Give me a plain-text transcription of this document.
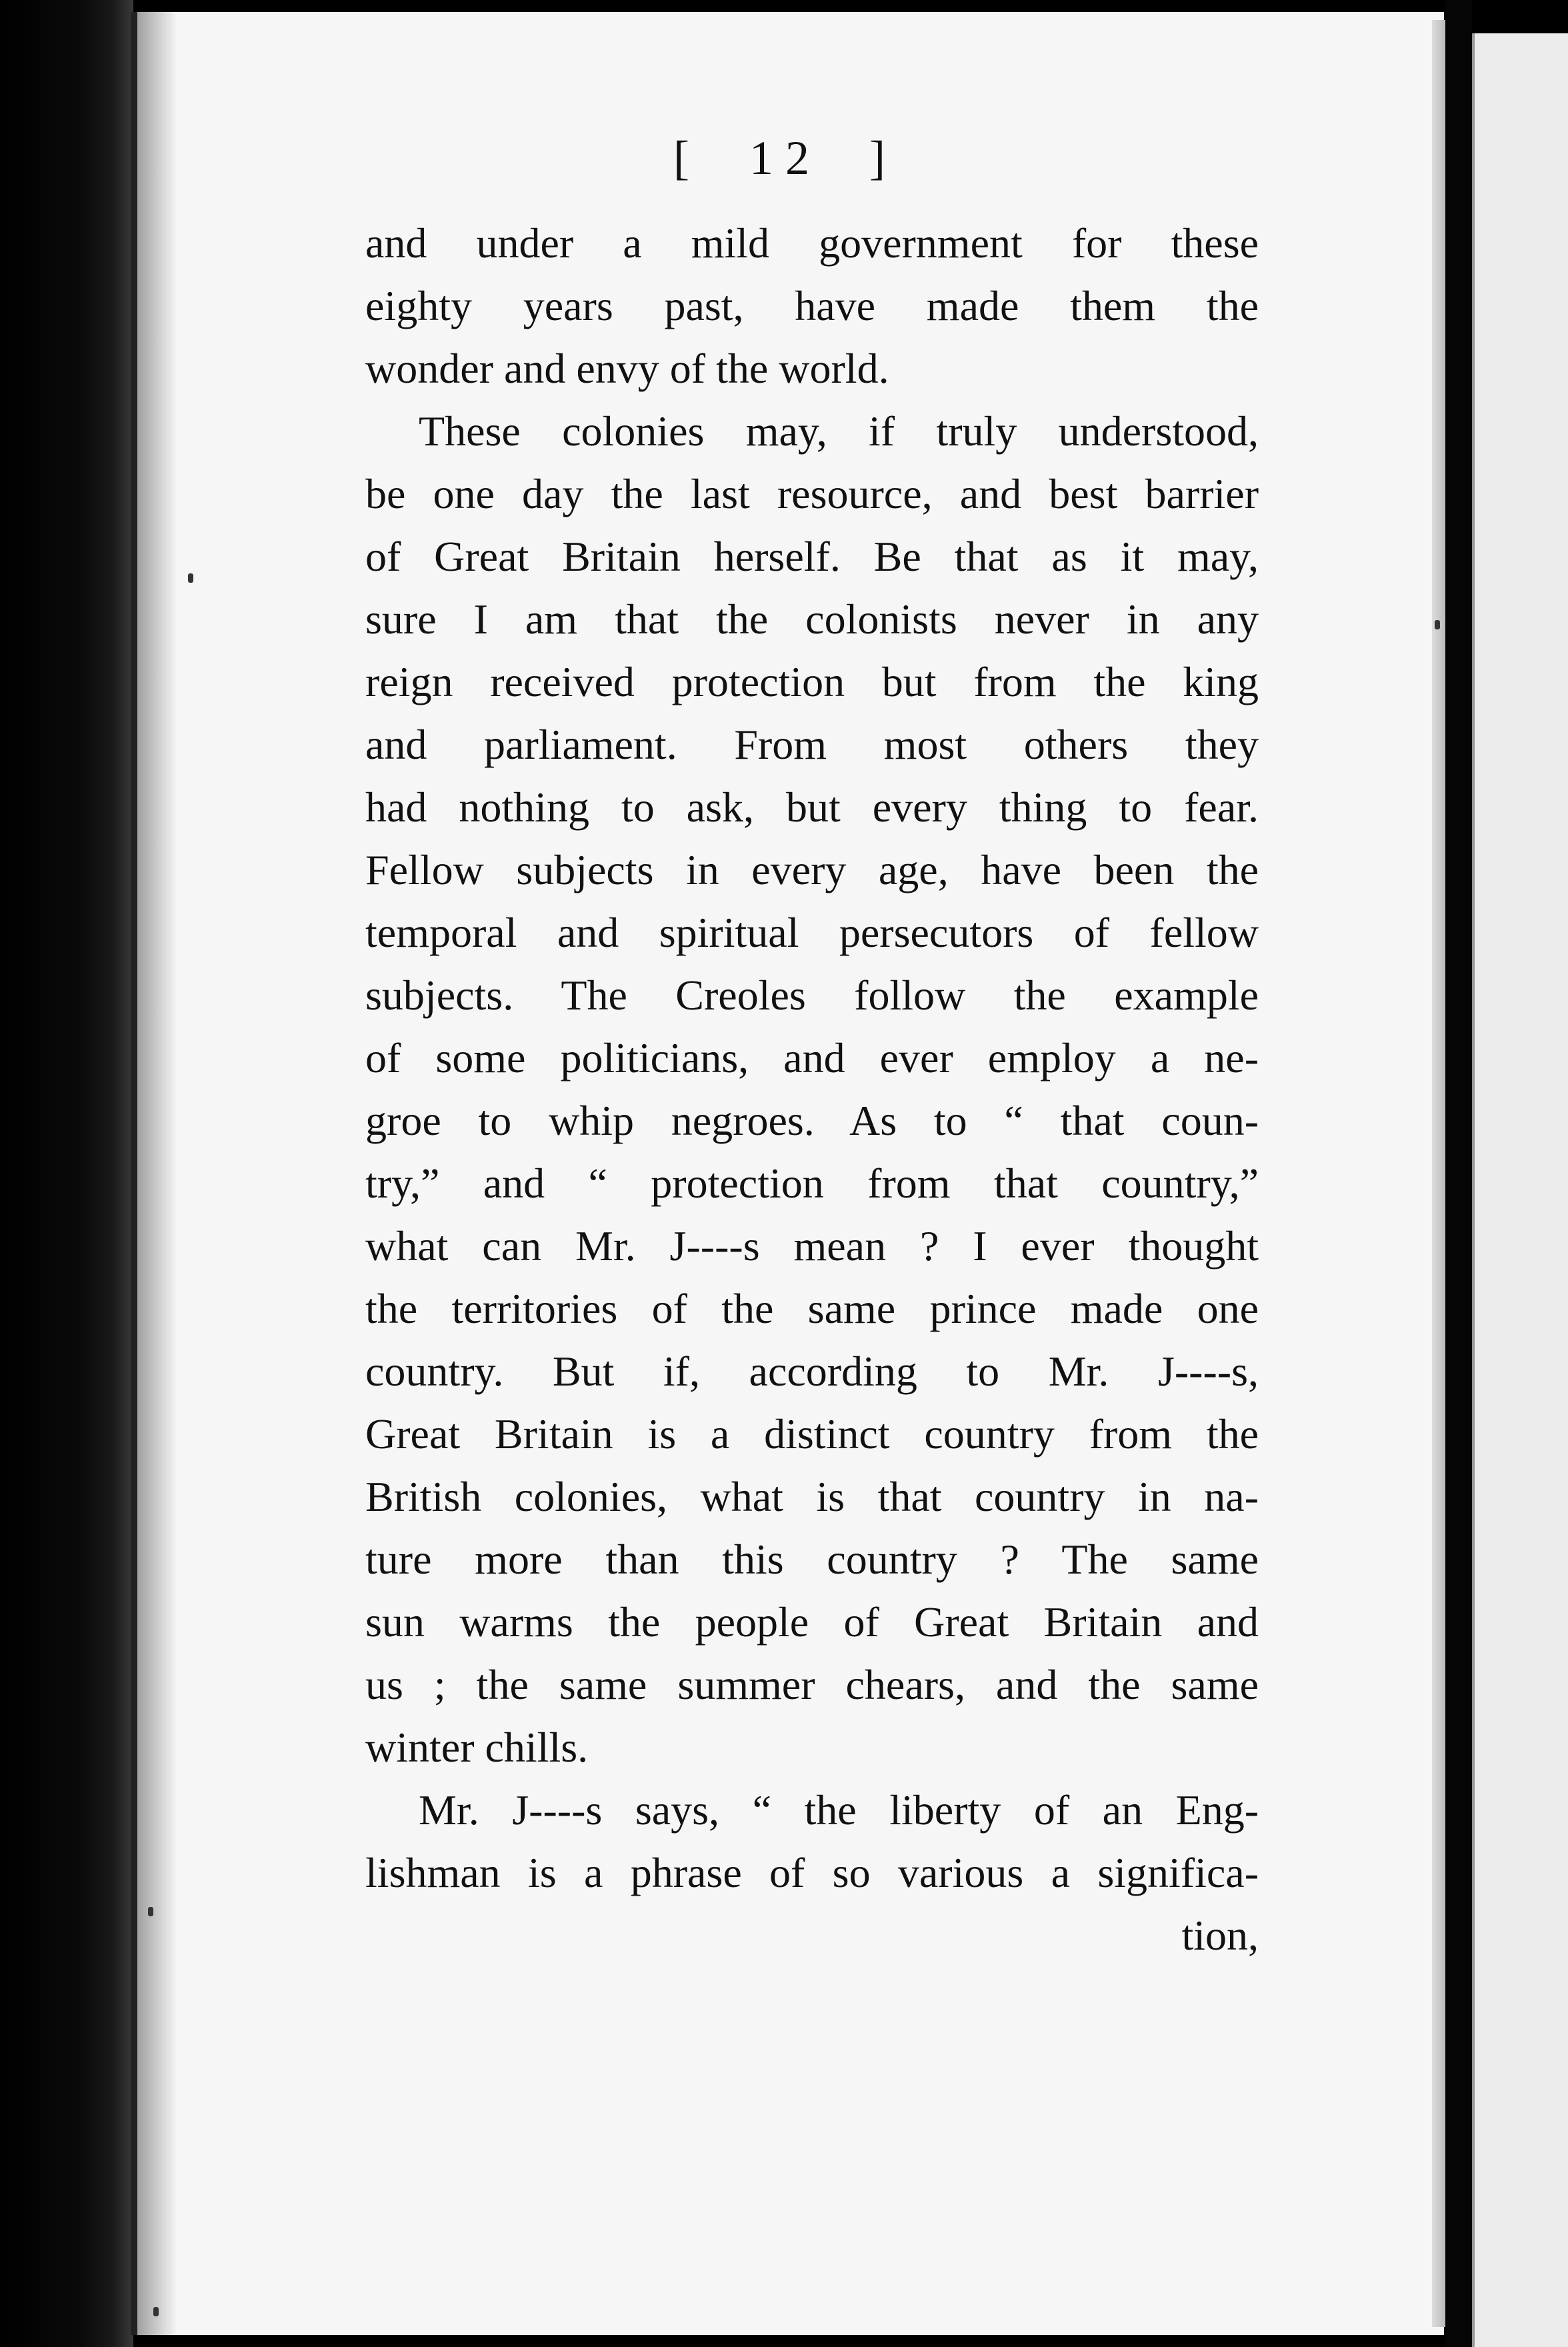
[  12  ]

and under a mild government for these
eighty years past, have made them the
wonder and envy of the world.
These colonies may, if truly understood,
be one day the last resource, and best barrier
of Great Britain herself. Be that as it may,
sure I am that the colonists never in any
reign received protection but from the king
and parliament. From most others they
had nothing to ask, but every thing to fear.
Fellow subjects in every age, have been the
temporal and spiritual persecutors of fellow
subjects. The Creoles follow the example
of some politicians, and ever employ a ne-
groe to whip negroes. As to “ that coun-
try,” and “ protection from that country,”
what can Mr. J----s mean ? I ever thought
the territories of the same prince made one
country. But if, according to Mr. J----s,
Great Britain is a distinct country from the
British colonies, what is that country in na-
ture more than this country ? The same
sun warms the people of Great Britain and
us ; the same summer chears, and the same
winter chills.
Mr. J----s says, “ the liberty of an Eng-
lishman is a phrase of so various a significa-
tion,
